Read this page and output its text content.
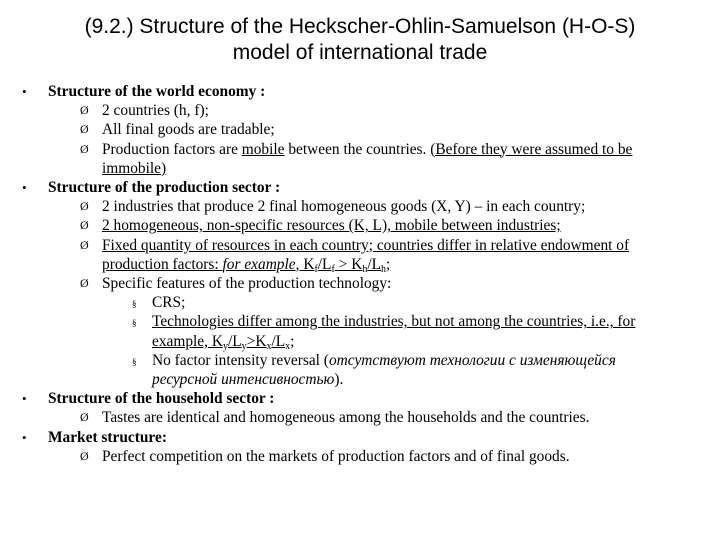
(9.2.) Structure of the Heckscher-Ohlin-Samuelson (H-O-S)
model of international trade
• Structure of the world economy :
Ø 2 countries (h, f);
Ø All final goods are tradable;
Ø Production factors are mobile between the countries. (Before they were assumed to be
immobile)
• Structure of the production sector :
Ø 2 industries that produce 2 final homogeneous goods (X, Y) – in each country;
Ø 2 homogeneous, non-specific resources (K, L), mobile between industries;
Ø Fixed quantity of resources in each country; countries differ in relative endowment of
production factors: for example, $K_f/L_f > K_h/L_h$;
Ø Specific features of the production technology:
§ CRS;
§ Technologies differ among the industries, but not among the countries, i.e., for
example, $K_y/L_y>K_x/L_x$;
§ No factor intensity reversal (отсутствуют технологии с изменяющейся
ресурсной интенсивностью).
• Structure of the household sector :
Ø Tastes are identical and homogeneous among the households and the countries.
• Market structure:
Ø Perfect competition on the markets of production factors and of final goods.
